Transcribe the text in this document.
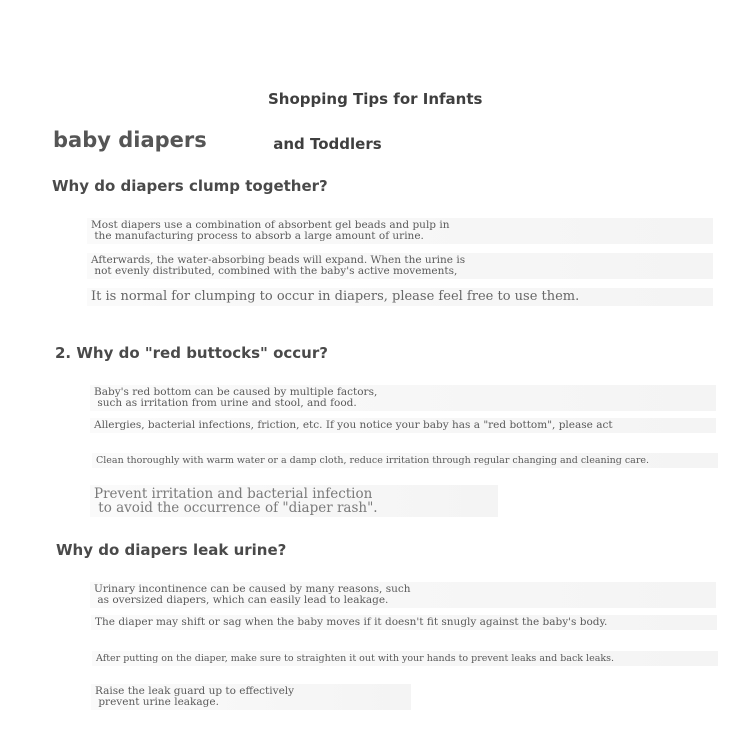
Shopping Tips for Infants

and Toddlers

baby diapers
Why do diapers clump together?
Most diapers use a combination of absorbent gel beads and pulp in
the manufacturing process to absorb a large amount of urine.
Afterwards, the water-absorbing beads will expand. When the urine is
not evenly distributed, combined with the baby's active movements,
It is normal for clumping to occur in diapers, please feel free to use them.
2. Why do "red buttocks" occur?
Baby's red bottom can be caused by multiple factors,
such as irritation from urine and stool, and food.
Allergies, bacterial infections, friction, etc. If you notice your baby has a "red bottom", please act
Clean thoroughly with warm water or a damp cloth, reduce irritation through regular changing and cleaning care.
Prevent irritation and bacterial infection
to avoid the occurrence of "diaper rash".
Why do diapers leak urine?
Urinary incontinence can be caused by many reasons, such
as oversized diapers, which can easily lead to leakage.
The diaper may shift or sag when the baby moves if it doesn't fit snugly against the baby's body.
After putting on the diaper, make sure to straighten it out with your hands to prevent leaks and back leaks.
Raise the leak guard up to effectively
prevent urine leakage.
